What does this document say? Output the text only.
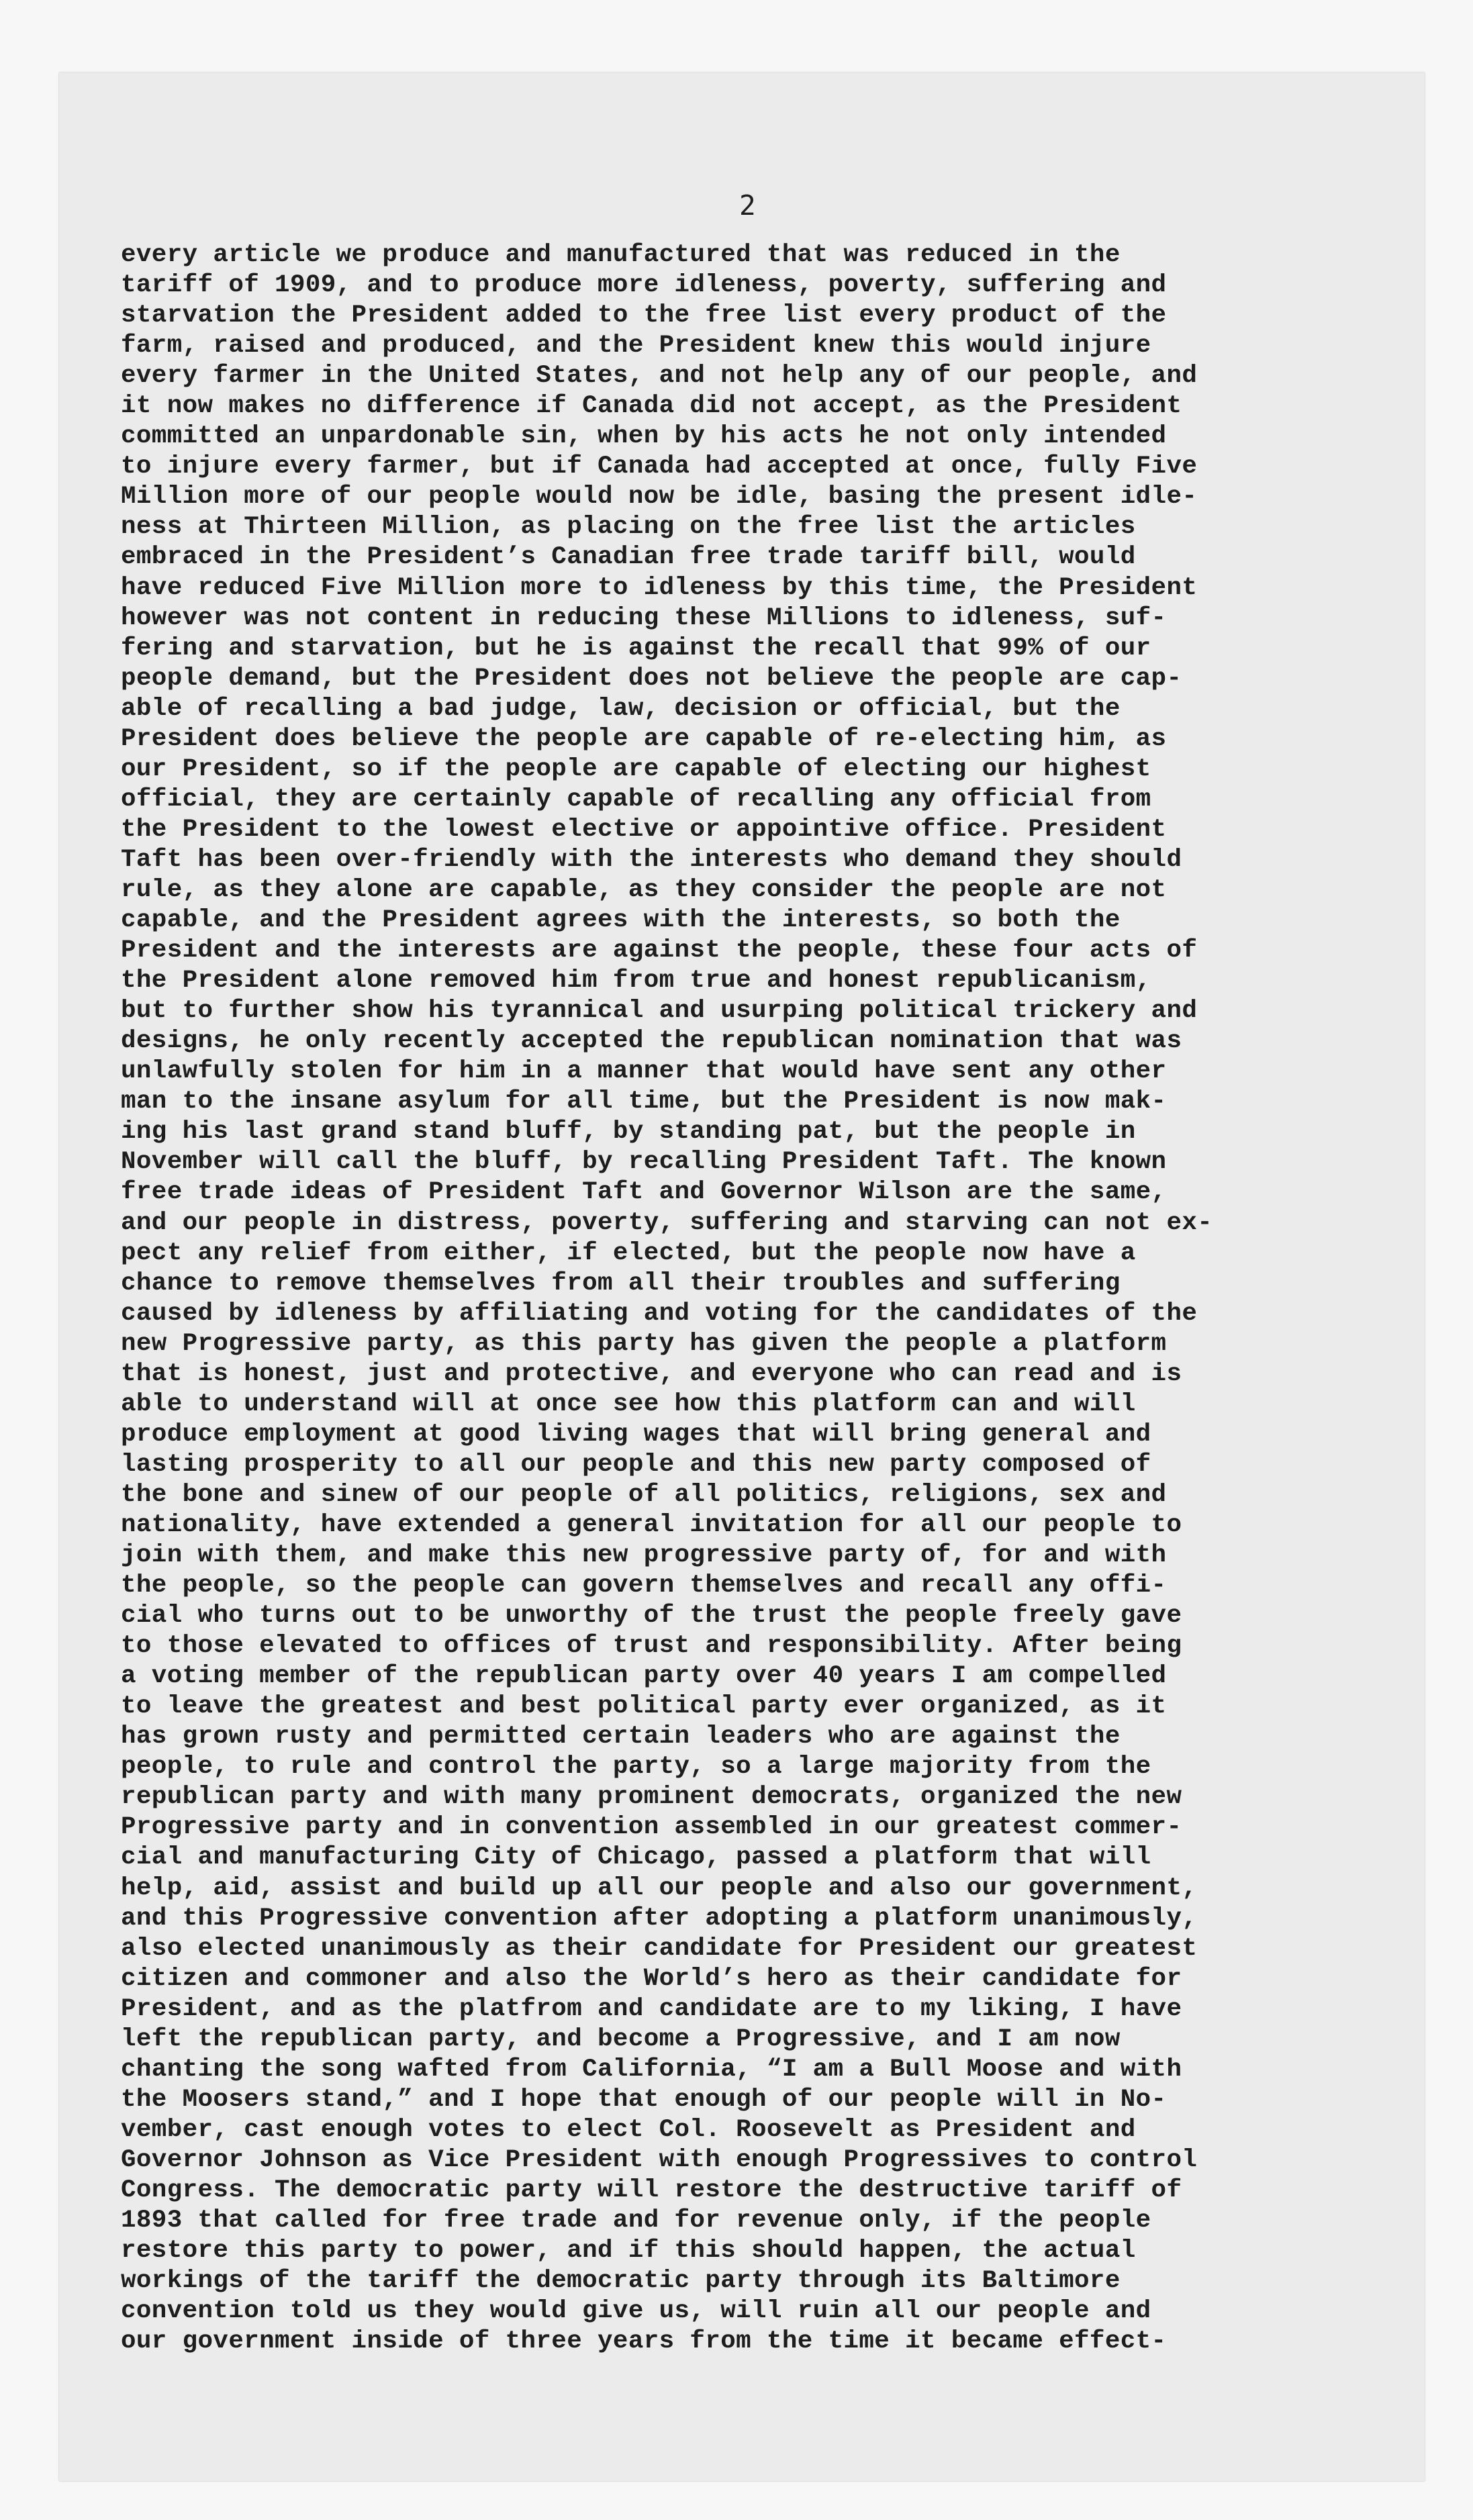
2
every article we produce and manufactured that was reduced in the
tariff of 1909, and to produce more idleness, poverty, suffering and
starvation the President added to the free list every product of the
farm, raised and produced, and the President knew this would injure
every farmer in the United States, and not help any of our people, and
it now makes no difference if Canada did not accept, as the President
committed an unpardonable sin, when by his acts he not only intended
to injure every farmer, but if Canada had accepted at once, fully Five
Million more of our people would now be idle, basing the present idle-
ness at Thirteen Million, as placing on the free list the articles
embraced in the President’s Canadian free trade tariff bill, would
have reduced Five Million more to idleness by this time, the President
however was not content in reducing these Millions to idleness, suf-
fering and starvation, but he is against the recall that 99% of our
people demand, but the President does not believe the people are cap-
able of recalling a bad judge, law, decision or official, but the
President does believe the people are capable of re-electing him, as
our President, so if the people are capable of electing our highest
official, they are certainly capable of recalling any official from
the President to the lowest elective or appointive office. President
Taft has been over-friendly with the interests who demand they should
rule, as they alone are capable, as they consider the people are not
capable, and the President agrees with the interests, so both the
President and the interests are against the people, these four acts of
the President alone removed him from true and honest republicanism,
but to further show his tyrannical and usurping political trickery and
designs, he only recently accepted the republican nomination that was
unlawfully stolen for him in a manner that would have sent any other
man to the insane asylum for all time, but the President is now mak-
ing his last grand stand bluff, by standing pat, but the people in
November will call the bluff, by recalling President Taft. The known
free trade ideas of President Taft and Governor Wilson are the same,
and our people in distress, poverty, suffering and starving can not ex-
pect any relief from either, if elected, but the people now have a
chance to remove themselves from all their troubles and suffering
caused by idleness by affiliating and voting for the candidates of the
new Progressive party, as this party has given the people a platform
that is honest, just and protective, and everyone who can read and is
able to understand will at once see how this platform can and will
produce employment at good living wages that will bring general and
lasting prosperity to all our people and this new party composed of
the bone and sinew of our people of all politics, religions, sex and
nationality, have extended a general invitation for all our people to
join with them, and make this new progressive party of, for and with
the people, so the people can govern themselves and recall any offi-
cial who turns out to be unworthy of the trust the people freely gave
to those elevated to offices of trust and responsibility. After being
a voting member of the republican party over 40 years I am compelled
to leave the greatest and best political party ever organized, as it
has grown rusty and permitted certain leaders who are against the
people, to rule and control the party, so a large majority from the
republican party and with many prominent democrats, organized the new
Progressive party and in convention assembled in our greatest commer-
cial and manufacturing City of Chicago, passed a platform that will
help, aid, assist and build up all our people and also our government,
and this Progressive convention after adopting a platform unanimously,
also elected unanimously as their candidate for President our greatest
citizen and commoner and also the World’s hero as their candidate for
President, and as the platfrom and candidate are to my liking, I have
left the republican party, and become a Progressive, and I am now
chanting the song wafted from California, “I am a Bull Moose and with
the Moosers stand,” and I hope that enough of our people will in No-
vember, cast enough votes to elect Col. Roosevelt as President and
Governor Johnson as Vice President with enough Progressives to control
Congress. The democratic party will restore the destructive tariff of
1893 that called for free trade and for revenue only, if the people
restore this party to power, and if this should happen, the actual
workings of the tariff the democratic party through its Baltimore
convention told us they would give us, will ruin all our people and
our government inside of three years from the time it became effect-
